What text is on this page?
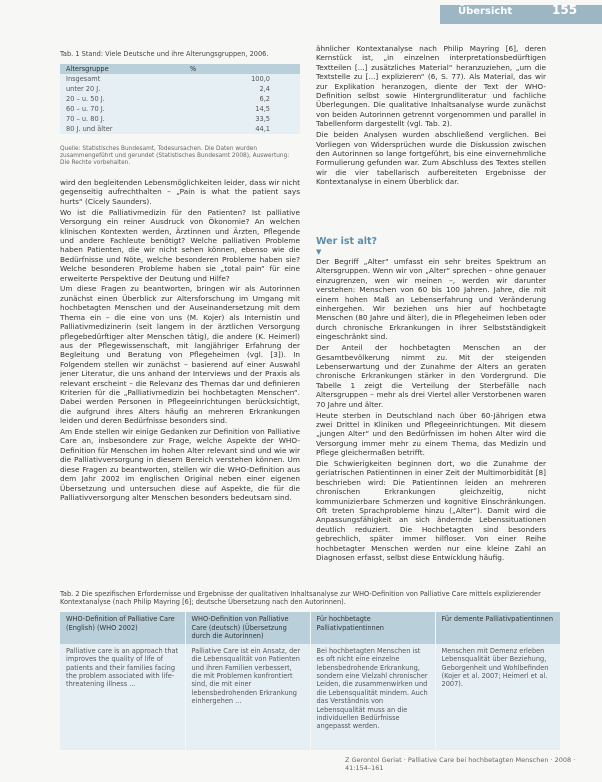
Übersicht	155
Tab. 1 Stand: Viele Deutsche und ihre Alterungsgruppen, 2006.
Altersgruppe	%
Insgesamt	100,0
unter 20 J.	2,4
20 – u. 50 J.	6,2
60 – u. 70 J.	14,5
70 – u. 80 J.	33,5
80 J. und älter	44,1
Quelle: Statistisches Bundesamt, Todesursachen. Die Daten wurden zusammengeführt und gerundet (Statistisches Bundesamt 2008), Auswertung: Die Rechte vorbehalten.

wird den begleitenden Lebensmöglichkeiten leider, dass wir nicht gegenseitig aufrechthalten – „Pain is what the patient says hurts“ (Cicely Saunders).

Wo ist die Palliativmedizin für den Patienten? Ist palliative Versorgung ein reiner Ausdruck von Ökonomie? An welchen klinischen Kontexten werden, Ärztinnen und Ärzten, Pflegende und andere Fachleute benötigt? Welche palliativen Probleme haben Patienten, die wir nicht sehen können, ebenso wie die Bedürfnisse und Nöte, welche besonderen Probleme haben sie? Welche besonderen Probleme haben sie „total pain“ für eine erweiterte Perspektive der Deutung und Hilfe?

Um diese Fragen zu beantworten, bringen wir als Autorinnen zunächst einen Überblick zur Altersforschung im Umgang mit hochbetagten Menschen und der Auseinandersetzung mit dem Thema ein – die eine von uns (M. Kojer) als Internistin und Palliativmedizinerin (seit langem in der ärztlichen Versorgung pflegebedürftiger alter Menschen tätig), die andere (K. Heimerl) aus der Pflegewissenschaft, mit langjähriger Erfahrung der Begleitung und Beratung von Pflegeheimen (vgl. [3]). In Folgendem stellen wir zunächst – basierend auf einer Auswahl jener Literatur, die uns anhand der Interviews und der Praxis als relevant erscheint – die Relevanz des Themas dar und definieren Kriterien für die „Palliativmedizin bei hochbetagten Menschen“. Dabei werden Personen in Pflegeeinrichtungen berücksichtigt, die aufgrund ihres Alters häufig an mehreren Erkrankungen leiden und deren Bedürfnisse besonders sind.

Am Ende stellen wir einige Gedanken zur Definition von Palliative Care an, insbesondere zur Frage, welche Aspekte der WHO-Definition für Menschen im hohen Alter relevant sind und wie wir die Palliativversorgung in diesem Bereich verstehen können. Um diese Fragen zu beantworten, stellen wir die WHO-Definition aus dem Jahr 2002 im englischen Original neben einer eigenen Übersetzung und untersuchen diese auf Aspekte, die für die Palliativversorgung alter Menschen besonders bedeutsam sind.

ähnlicher Kontextanalyse nach Philip Mayring [6], deren Kernstück ist, „in einzelnen interpretationsbedürftigen Textteilen [...] zusätzliches Material“ heranzuziehen, „um die Textstelle zu [...] explizieren“ (6, S. 77). Als Material, das wir zur Explikation heranzogen, diente der Text der WHO-Definition selbst sowie Hintergrundliteratur und fachliche Überlegungen. Die qualitative Inhaltsanalyse wurde zunächst von beiden Autorinnen getrennt vorgenommen und parallel in Tabellenform dargestellt (vgl. Tab. 2).

Die beiden Analysen wurden abschließend verglichen. Bei Vorliegen von Widersprüchen wurde die Diskussion zwischen den Autorinnen so lange fortgeführt, bis eine einvernehmliche Formulierung gefunden war. Zum Abschluss des Textes stellen wir die vier tabellarisch aufbereiteten Ergebnisse der Kontextanalyse in einem Überblick dar.

Wer ist alt?
▼

Der Begriff „Alter“ umfasst ein sehr breites Spektrum an Altersgruppen. Wenn wir von „Alter“ sprechen – ohne genauer einzugrenzen, wen wir meinen –, werden wir darunter verstehen: Menschen von 60 bis 100 Jahren. Jahre, die mit einem hohen Maß an Lebenserfahrung und Veränderung einhergehen. Wir beziehen uns hier auf hochbetagte Menschen (80 Jahre und älter), die in Pflegeheimen leben oder durch chronische Erkrankungen in ihrer Selbstständigkeit eingeschränkt sind.

Der Anteil der hochbetagten Menschen an der Gesamtbevölkerung nimmt zu. Mit der steigenden Lebenserwartung und der Zunahme der Alters an geraten chronische Erkrankungen stärker in den Vordergrund. Die Tabelle 1 zeigt die Verteilung der Sterbefälle nach Altersgruppen – mehr als drei Viertel aller Verstorbenen waren 70 Jahre und älter.

Heute sterben in Deutschland nach über 60-Jährigen etwa zwei Drittel in Kliniken und Pflegeeinrichtungen. Mit diesem „jungen Alter“ und den Bedürfnissen im hohen Alter wird die Versorgung immer mehr zu einem Thema, das Medizin und Pflege gleichermaßen betrifft.

Die Schwierigkeiten beginnen dort, wo die Zunahme der geriatrischen Patientinnen in einer Zeit der Multimorbidität [8] beschrieben wird: Die Patientinnen leiden an mehreren chronischen Erkrankungen gleichzeitig, nicht kommunizierbare Schmerzen und kognitive Einschränkungen. Oft treten Sprachprobleme hinzu („Alter“). Damit wird die Anpassungsfähigkeit an sich ändernde Lebenssituationen deutlich reduziert. Die Hochbetagten sind besonders gebrechlich, später immer hilfloser. Von einer Reihe hochbetagter Menschen werden nur eine kleine Zahl an Diagnosen erfasst, selbst diese Entwicklung häufig.

Tab. 2 Die spezifischen Erfordernisse und Ergebnisse der qualitativen Inhaltsanalyse zur WHO-Definition von Palliative Care mittels explizierender Kontextanalyse (nach Philip Mayring [6]; deutsche Übersetzung nach den Autorinnen).
WHO-Definition of Palliative Care (English) (WHO 2002)	WHO-Definition von Palliative Care (deutsch) (Übersetzung durch die Autorinnen)	Für hochbetagte Palliativpatientinnen	Für demente Palliativpatientinnen
Palliative care is an approach that improves the quality of life of patients and their families facing the problem associated with life-threatening illness ...	Palliative Care ist ein Ansatz, der die Lebensqualität von Patienten und ihren Familien verbessert, die mit Problemen konfrontiert sind, die mit einer lebensbedrohenden Erkrankung einhergehen ...	Bei hochbetagten Menschen ist es oft nicht eine einzelne lebensbedrohende Erkrankung, sondern eine Vielzahl chronischer Leiden, die zusammenwirken und die Lebensqualität mindern. Auch das Verständnis von Lebensqualität muss an die individuellen Bedürfnisse angepasst werden.	Menschen mit Demenz erleben Lebensqualität über Beziehung, Geborgenheit und Wohlbefinden (Kojer et al. 2007; Heimerl et al. 2007).
Z Gerontol Geriat · Palliative Care bei hochbetagten Menschen · 2008 · 41:154–161
